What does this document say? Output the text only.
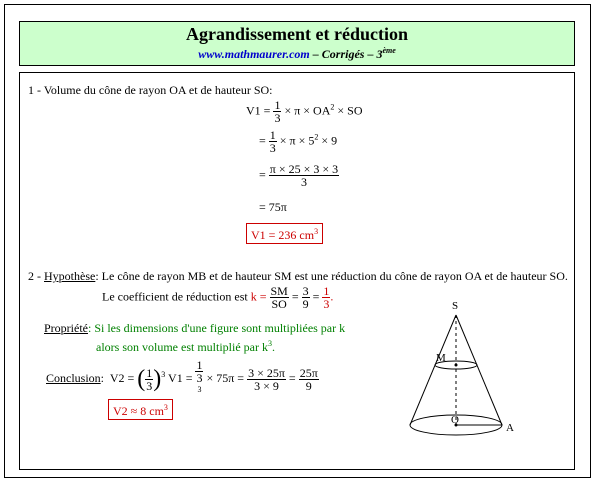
Agrandissement et réduction
www.mathmaurer.com – Corrigés – 3ème
1 - Volume du cône de rayon OA et de hauteur SO:
$V1 = \frac{1}{3} \times \pi \times OA^2$ × SO
= $\frac{1}{3} \times \pi \times 5^2 \times 9$
= $\frac{\pi \times 25 \times 3 \times 3}{3}$
= 75π
V1 = 236 $cm^3$
2 - Hypothèse: Le cône de rayon MB et de hauteur SM est une réduction du cône de rayon OA et de hauteur SO.
Le coefficient de réduction est $k = \frac{SM}{SO} = \frac{3}{9} = \frac{1}{3}$ .
Propriété: Si les dimensions d'une figure sont multipliées par k
alors son volume est multiplié par $k^3$.
Conclusion: V2 = ( $\frac{1}{3} )^3$ V1 = 1
3
$^3 \times 75\pi = \frac{3 \times 25\pi}{3 \times 9} = \frac{25\pi}{9}$
V2 ≈ 8 $cm^3$
S
M
O
A
